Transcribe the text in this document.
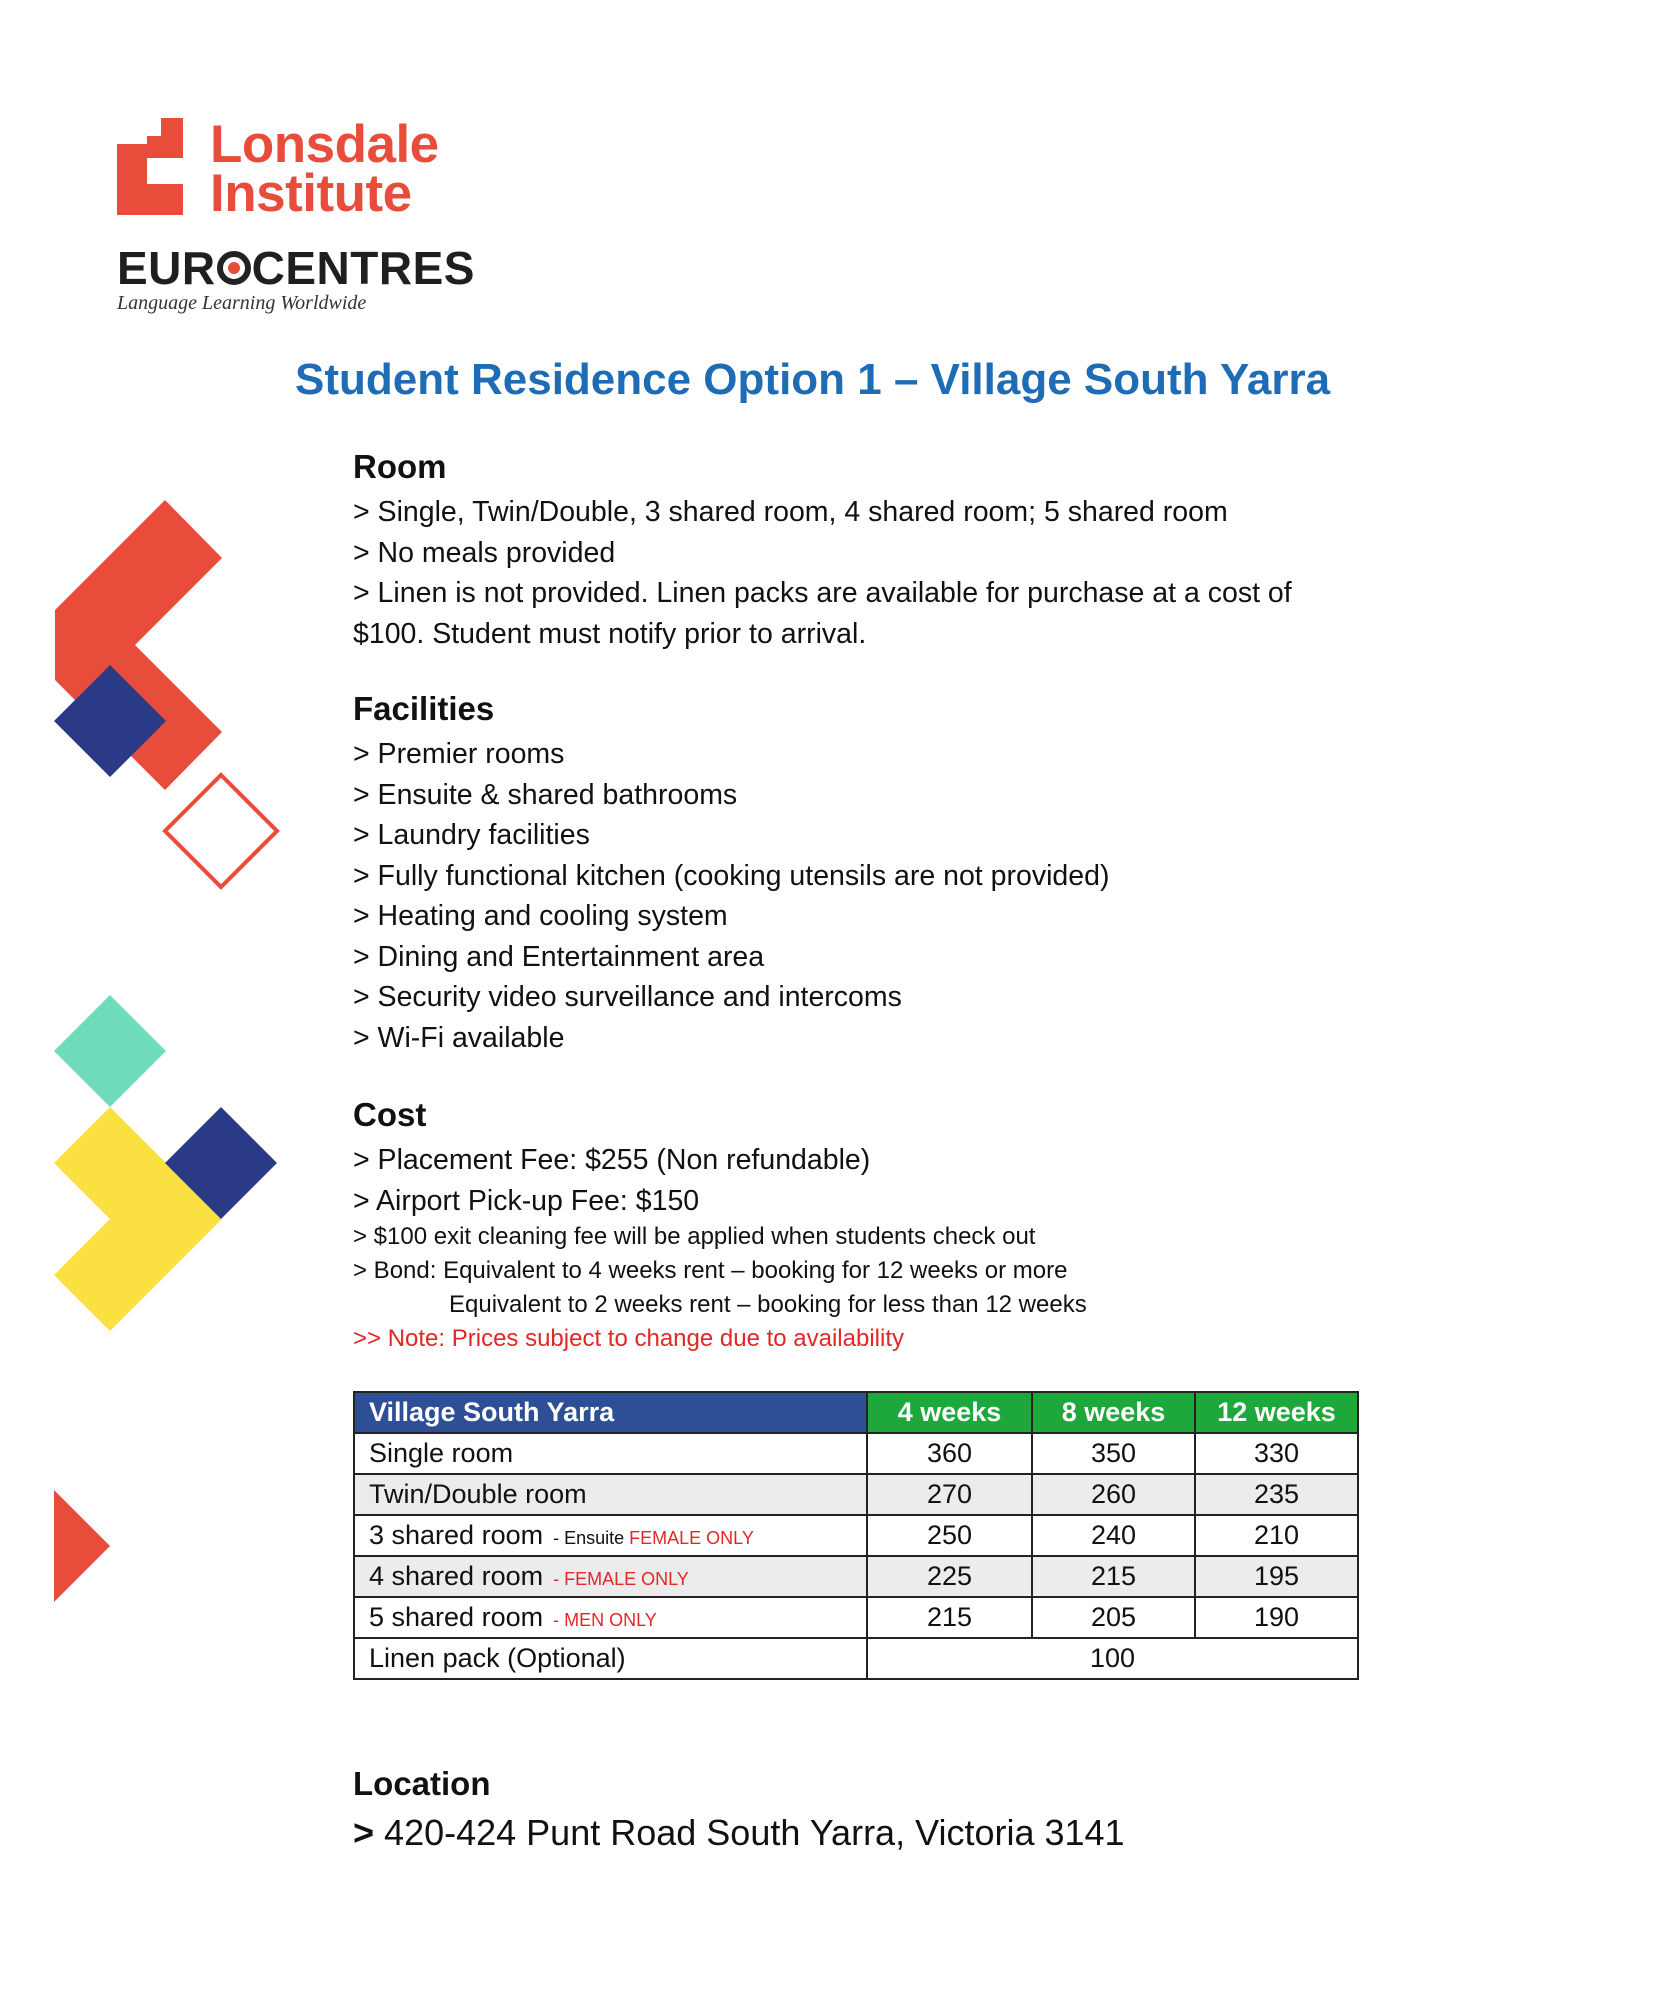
Lonsdale
Institute
EUR CENTRES
Language Learning Worldwide
Student Residence Option 1 – Village South Yarra
Room
> Single, Twin/Double, 3 shared room, 4 shared room; 5 shared room
> No meals provided
> Linen is not provided. Linen packs are available for purchase at a cost of
$100. Student must notify prior to arrival.
Facilities
> Premier rooms
> Ensuite & shared bathrooms
> Laundry facilities
> Fully functional kitchen (cooking utensils are not provided)
> Heating and cooling system
> Dining and Entertainment area
> Security video surveillance and intercoms
> Wi-Fi available
Cost
> Placement Fee: $255 (Non refundable)
> Airport Pick-up Fee: $150
> $100 exit cleaning fee will be applied when students check out
> Bond: Equivalent to 4 weeks rent – booking for 12 weeks or more
Equivalent to 2 weeks rent – booking for less than 12 weeks
>> Note: Prices subject to change due to availability
Village South Yarra	4 weeks	8 weeks	12 weeks
Single room	360	350	330
Twin/Double room	270	260	235
3 shared room - Ensuite FEMALE ONLY	250	240	210
4 shared room - FEMALE ONLY	225	215	195
5 shared room - MEN ONLY	215	205	190
Linen pack (Optional)	100		
Location
> 420-424 Punt Road South Yarra, Victoria 3141
